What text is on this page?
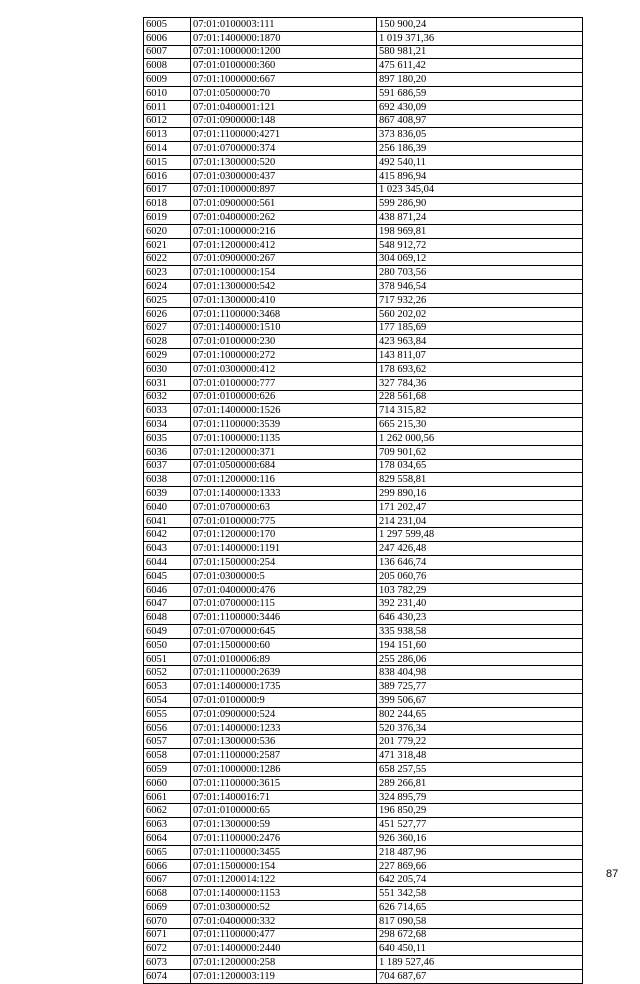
6005	07:01:0100003:111	150 900,24
6006	07:01:1400000:1870	1 019 371,36
6007	07:01:1000000:1200	580 981,21
6008	07:01:0100000:360	475 611,42
6009	07:01:1000000:667	897 180,20
6010	07:01:0500000:70	591 686,59
6011	07:01:0400001:121	692 430,09
6012	07:01:0900000:148	867 408,97
6013	07:01:1100000:4271	373 836,05
6014	07:01:0700000:374	256 186,39
6015	07:01:1300000:520	492 540,11
6016	07:01:0300000:437	415 896,94
6017	07:01:1000000:897	1 023 345,04
6018	07:01:0900000:561	599 286,90
6019	07:01:0400000:262	438 871,24
6020	07:01:1000000:216	198 969,81
6021	07:01:1200000:412	548 912,72
6022	07:01:0900000:267	304 069,12
6023	07:01:1000000:154	280 703,56
6024	07:01:1300000:542	378 946,54
6025	07:01:1300000:410	717 932,26
6026	07:01:1100000:3468	560 202,02
6027	07:01:1400000:1510	177 185,69
6028	07:01:0100000:230	423 963,84
6029	07:01:1000000:272	143 811,07
6030	07:01:0300000:412	178 693,62
6031	07:01:0100000:777	327 784,36
6032	07:01:0100000:626	228 561,68
6033	07:01:1400000:1526	714 315,82
6034	07:01:1100000:3539	665 215,30
6035	07:01:1000000:1135	1 262 000,56
6036	07:01:1200000:371	709 901,62
6037	07:01:0500000:684	178 034,65
6038	07:01:1200000:116	829 558,81
6039	07:01:1400000:1333	299 890,16
6040	07:01:0700000:63	171 202,47
6041	07:01:0100000:775	214 231,04
6042	07:01:1200000:170	1 297 599,48
6043	07:01:1400000:1191	247 426,48
6044	07:01:1500000:254	136 646,74
6045	07:01:0300000:5	205 060,76
6046	07:01:0400000:476	103 782,29
6047	07:01:0700000:115	392 231,40
6048	07:01:1100000:3446	646 430,23
6049	07:01:0700000:645	335 938,58
6050	07:01:1500000:60	194 151,60
6051	07:01:0100006:89	255 286,06
6052	07:01:1100000:2639	838 404,98
6053	07:01:1400000:1735	389 725,77
6054	07:01:0100000:9	399 506,67
6055	07:01:0900000:524	802 244,65
6056	07:01:1400000:1233	520 376,34
6057	07:01:1300000:536	201 779,22
6058	07:01:1100000:2587	471 318,48
6059	07:01:1000000:1286	658 257,55
6060	07:01:1100000:3615	289 266,81
6061	07:01:1400016:71	324 895,79
6062	07:01:0100000:65	196 850,29
6063	07:01:1300000:59	451 527,77
6064	07:01:1100000:2476	926 360,16
6065	07:01:1100000:3455	218 487,96
6066	07:01:1500000:154	227 869,66
6067	07:01:1200014:122	642 205,74
6068	07:01:1400000:1153	551 342,58
6069	07:01:0300000:52	626 714,65
6070	07:01:0400000:332	817 090,58
6071	07:01:1100000:477	298 672,68
6072	07:01:1400000:2440	640 450,11
6073	07:01:1200000:258	1 189 527,46
6074	07:01:1200003:119	704 687,67
87
